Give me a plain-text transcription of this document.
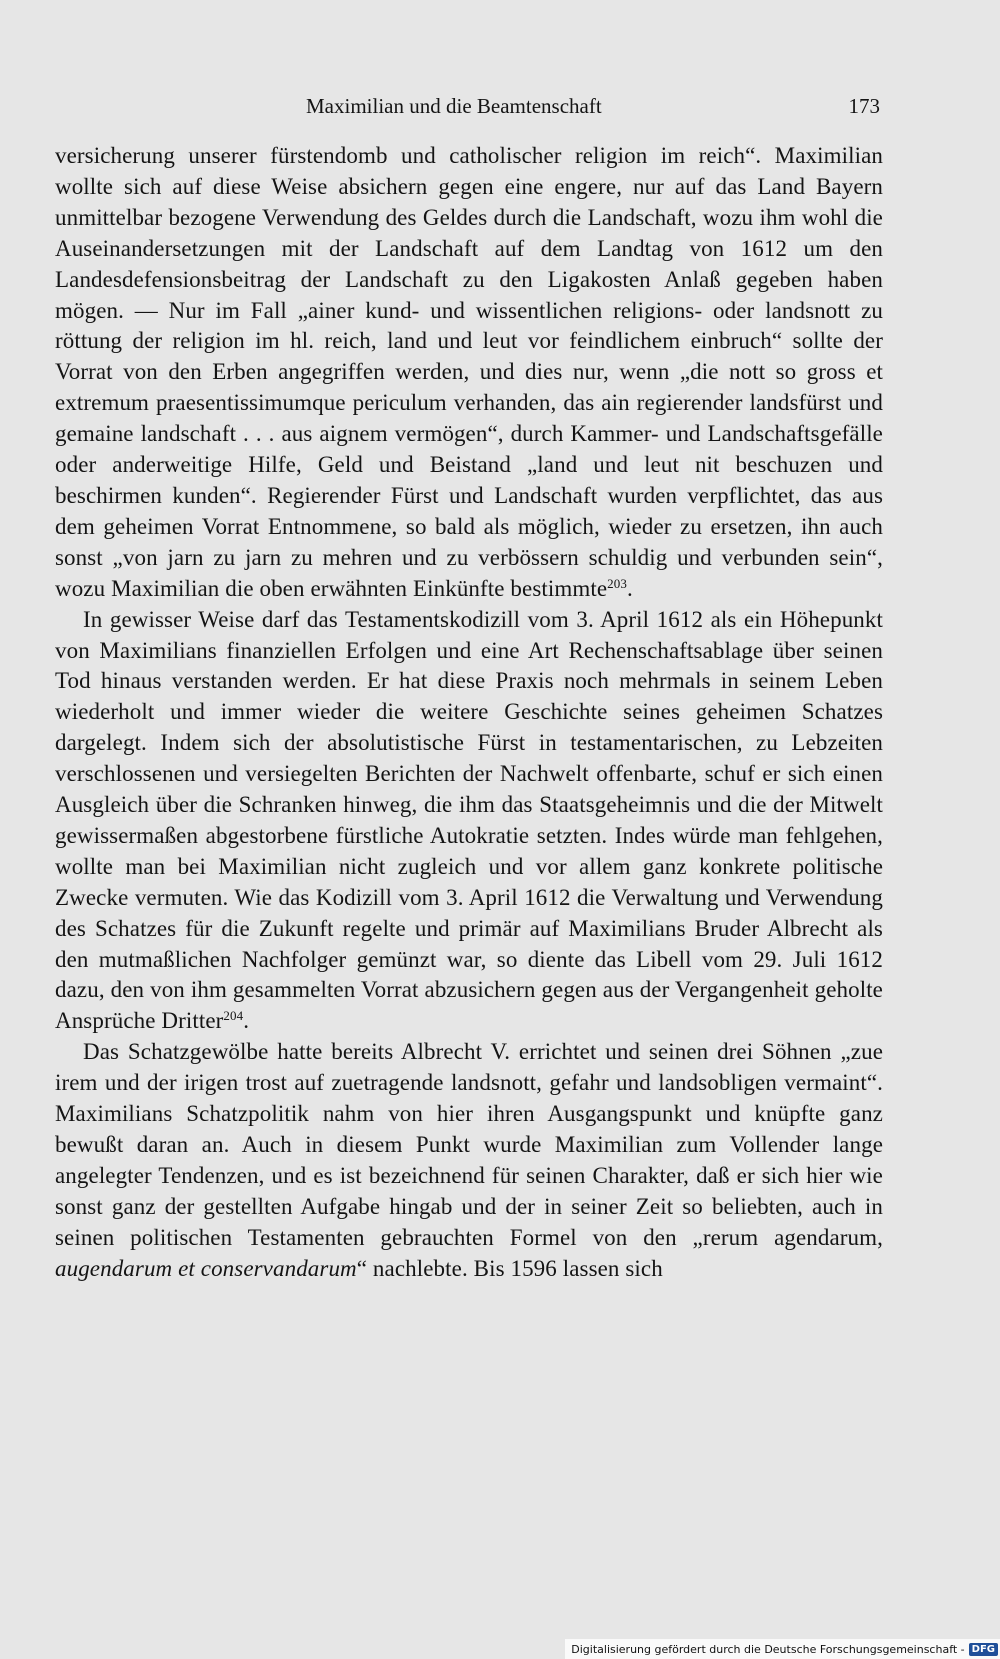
Maximilian und die Beamtenschaft	173

versicherung unserer fürstendomb und catholischer religion im reich“. Maximilian wollte sich auf diese Weise absichern gegen eine engere, nur auf das Land Bayern unmittelbar bezogene Verwendung des Geldes durch die Landschaft, wozu ihm wohl die Auseinandersetzungen mit der Landschaft auf dem Landtag von 1612 um den Landesdefensionsbeitrag der Landschaft zu den Ligakosten Anlaß gegeben haben mögen. — Nur im Fall „ainer kund- und wissentlichen religions- oder landsnott zu röttung der religion im hl. reich, land und leut vor feindlichem einbruch“ sollte der Vorrat von den Erben angegriffen werden, und dies nur, wenn „die nott so gross et extremum praesentissimumque periculum verhanden, das ain regierender landsfürst und gemaine landschaft . . . aus aignem vermögen“, durch Kammer- und Landschaftsgefälle oder anderweitige Hilfe, Geld und Beistand „land und leut nit beschuzen und beschirmen kunden“. Regierender Fürst und Landschaft wurden verpflichtet, das aus dem geheimen Vorrat Entnommene, so bald als möglich, wieder zu ersetzen, ihn auch sonst „von jarn zu jarn zu mehren und zu verbössern schuldig und verbunden sein“, wozu Maximilian die oben erwähnten Einkünfte bestimmte$^{203}$.

In gewisser Weise darf das Testamentskodizill vom 3. April 1612 als ein Höhepunkt von Maximilians finanziellen Erfolgen und eine Art Rechenschaftsablage über seinen Tod hinaus verstanden werden. Er hat diese Praxis noch mehrmals in seinem Leben wiederholt und immer wieder die weitere Geschichte seines geheimen Schatzes dargelegt. Indem sich der absolutistische Fürst in testamentarischen, zu Lebzeiten verschlossenen und versiegelten Berichten der Nachwelt offenbarte, schuf er sich einen Ausgleich über die Schranken hinweg, die ihm das Staatsgeheimnis und die der Mitwelt gewissermaßen abgestorbene fürstliche Autokratie setzten. Indes würde man fehlgehen, wollte man bei Maximilian nicht zugleich und vor allem ganz konkrete politische Zwecke vermuten. Wie das Kodizill vom 3. April 1612 die Verwaltung und Verwendung des Schatzes für die Zukunft regelte und primär auf Maximilians Bruder Albrecht als den mutmaßlichen Nachfolger gemünzt war, so diente das Libell vom 29. Juli 1612 dazu, den von ihm gesammelten Vorrat abzusichern gegen aus der Vergangenheit geholte Ansprüche Dritter$^{204}$.

Das Schatzgewölbe hatte bereits Albrecht V. errichtet und seinen drei Söhnen „zue irem und der irigen trost auf zuetragende landsnott, gefahr und landsobligen vermaint“. Maximilians Schatzpolitik nahm von hier ihren Ausgangspunkt und knüpfte ganz bewußt daran an. Auch in diesem Punkt wurde Maximilian zum Vollender lange angelegter Tendenzen, und es ist bezeichnend für seinen Charakter, daß er sich hier wie sonst ganz der gestellten Aufgabe hingab und der in seiner Zeit so beliebten, auch in seinen politischen Testamenten gebrauchten Formel von den „rerum agendarum, augendarum et conservandarum“ nachlebte. Bis 1596 lassen sich

Digitalisierung gefördert durch die Deutsche Forschungsgemeinschaft - DFG
